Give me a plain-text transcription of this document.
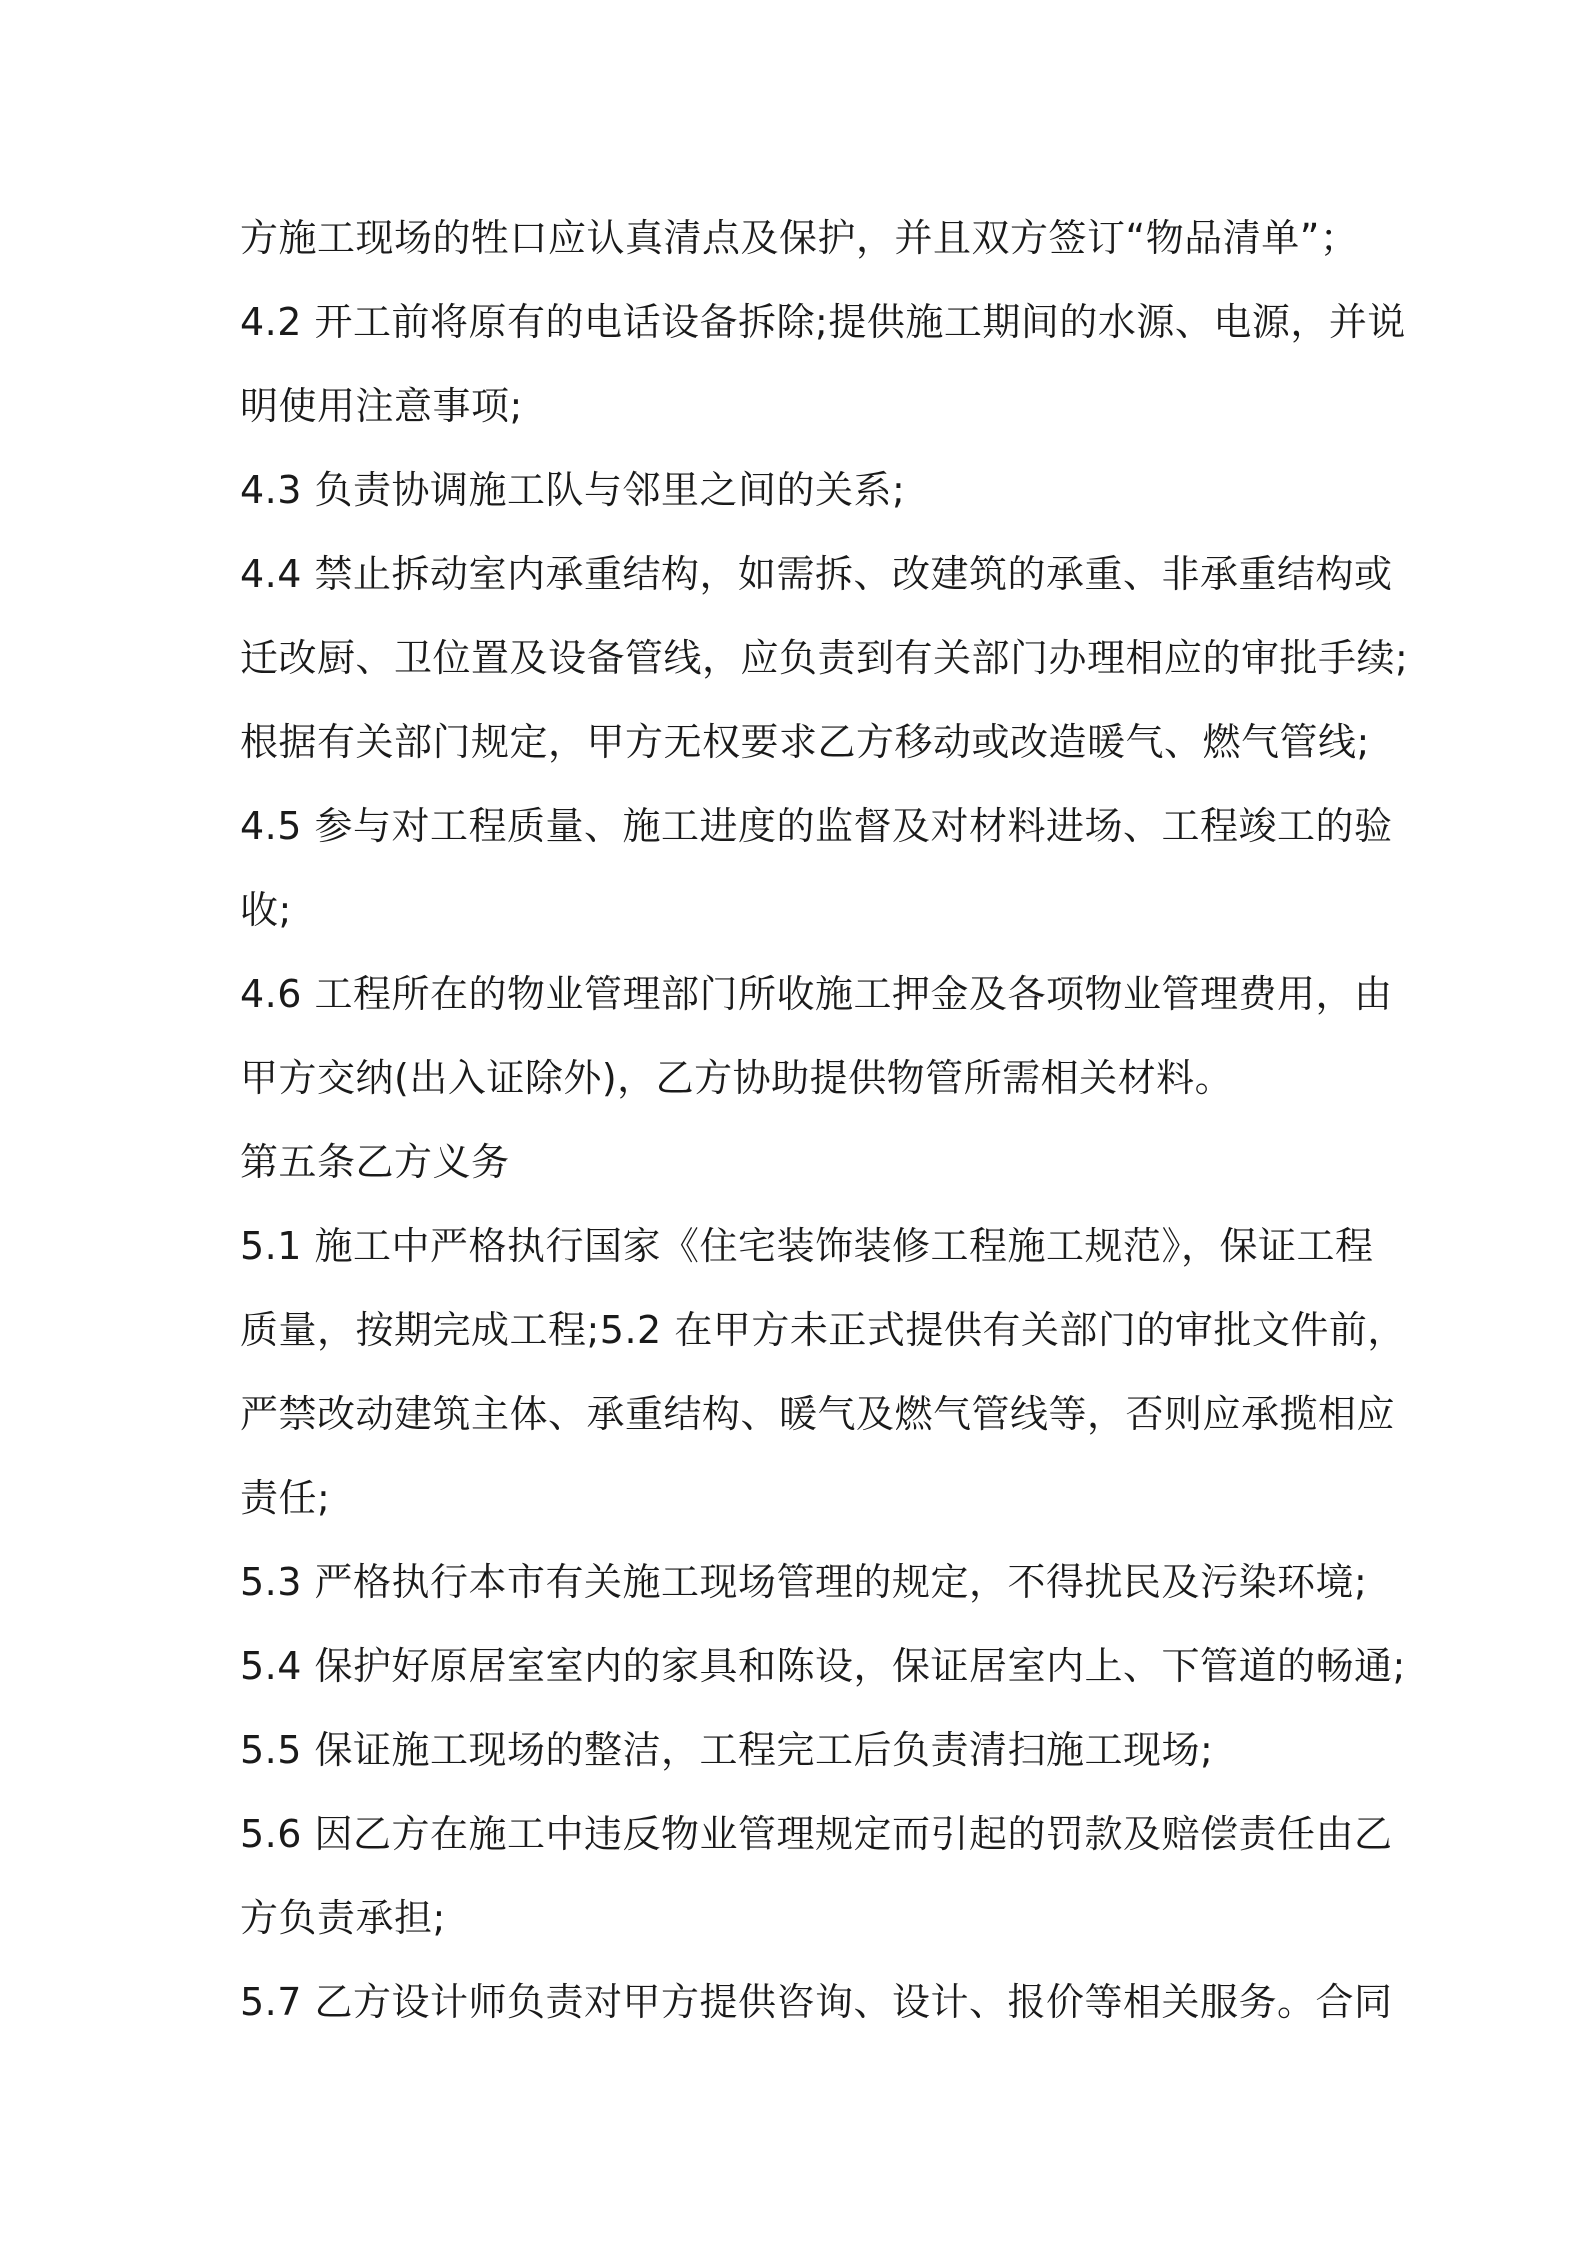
方施工现场的牲口应认真清点及保护，并且双方签订“物品清单”；
4.2 开工前将原有的电话设备拆除;提供施工期间的水源、电源，并说
明使用注意事项;
4.3 负责协调施工队与邻里之间的关系;
4.4 禁止拆动室内承重结构，如需拆、改建筑的承重、非承重结构或
迁改厨、卫位置及设备管线，应负责到有关部门办理相应的审批手续;
根据有关部门规定，甲方无权要求乙方移动或改造暖气、燃气管线;
4.5 参与对工程质量、施工进度的监督及对材料进场、工程竣工的验
收;
4.6 工程所在的物业管理部门所收施工押金及各项物业管理费用，由
甲方交纳(出入证除外)，乙方协助提供物管所需相关材料。
第五条乙方义务
5.1 施工中严格执行国家《住宅装饰装修工程施工规范》，保证工程
质量，按期完成工程;5.2 在甲方未正式提供有关部门的审批文件前，
严禁改动建筑主体、承重结构、暖气及燃气管线等，否则应承揽相应
责任;
5.3 严格执行本市有关施工现场管理的规定，不得扰民及污染环境;
5.4 保护好原居室室内的家具和陈设，保证居室内上、下管道的畅通;
5.5 保证施工现场的整洁，工程完工后负责清扫施工现场;
5.6 因乙方在施工中违反物业管理规定而引起的罚款及赔偿责任由乙
方负责承担;
5.7 乙方设计师负责对甲方提供咨询、设计、报价等相关服务。合同
